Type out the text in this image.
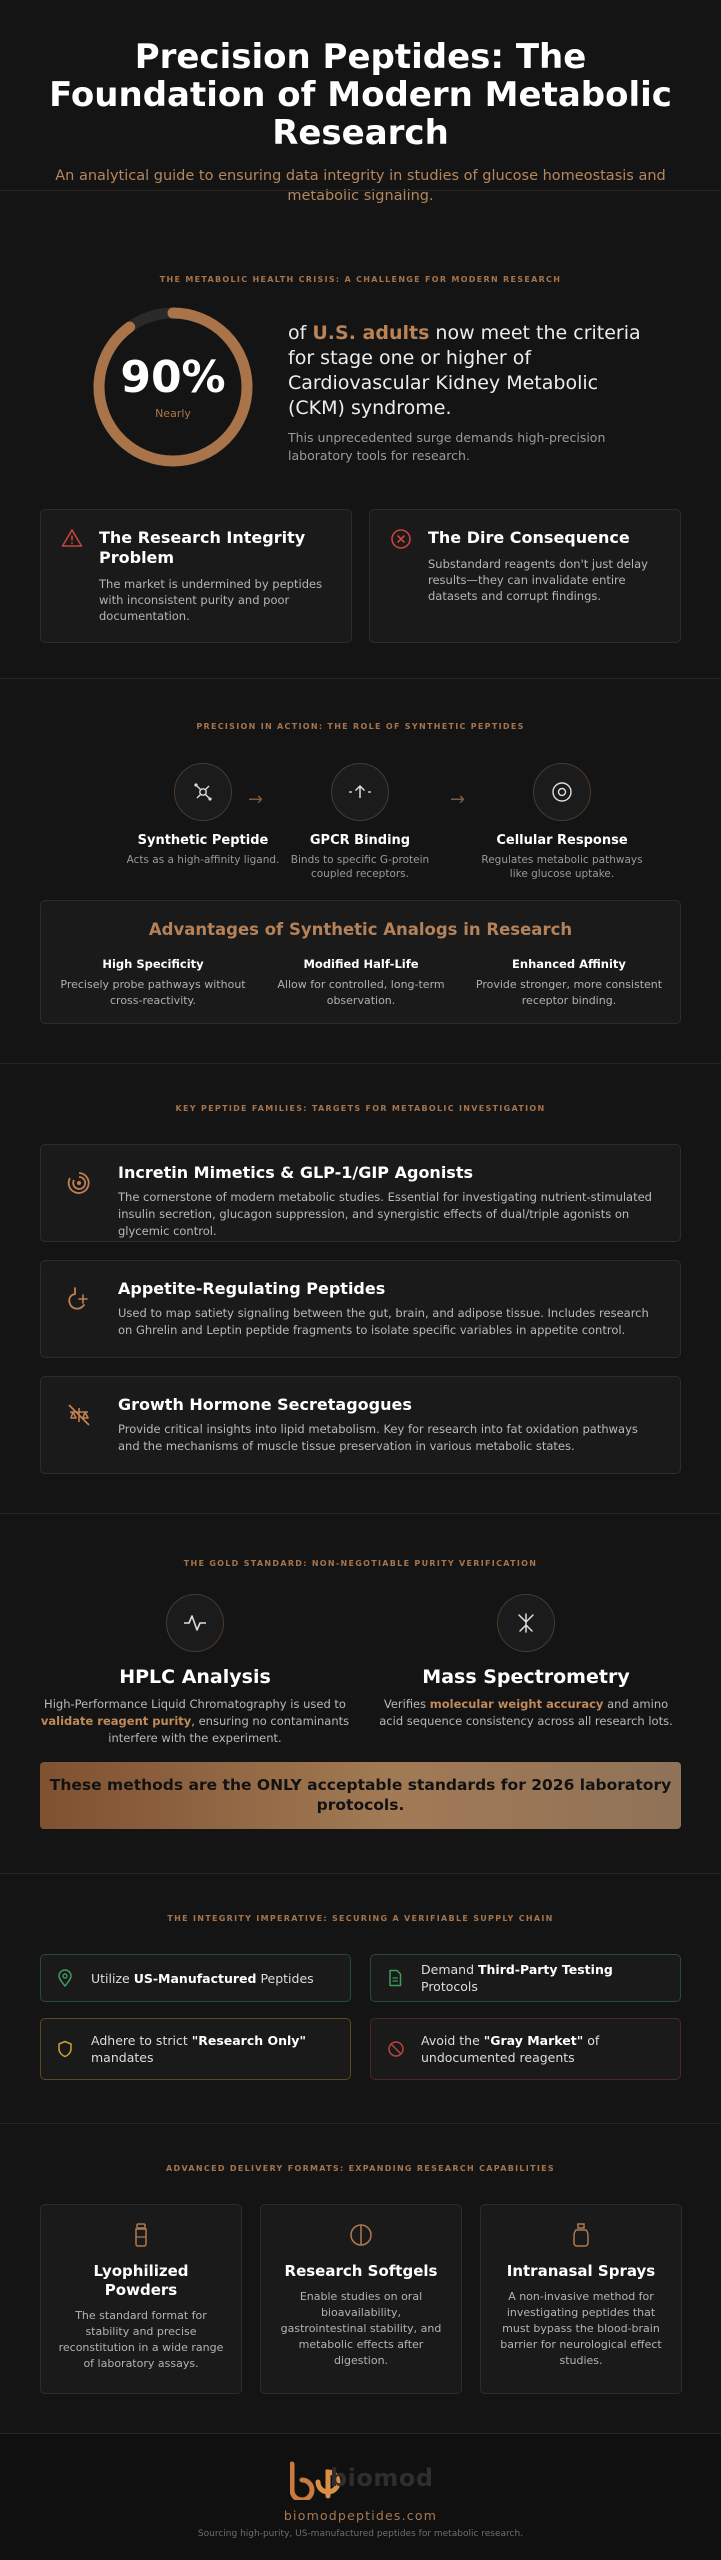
Precision Peptides: The Foundation of Modern Metabolic Research

An analytical guide to ensuring data integrity in studies of glucose homeostasis and metabolic signaling.

THE METABOLIC HEALTH CRISIS: A CHALLENGE FOR MODERN RESEARCH
90%
Nearly
of U.S. adults now meet the criteria for stage one or higher of Cardiovascular Kidney Metabolic (CKM) syndrome.
This unprecedented surge demands high-precision laboratory tools for research.
The Research Integrity Problem

The market is undermined by peptides with inconsistent purity and poor documentation.

The Dire Consequence

Substandard reagents don't just delay results—they can invalidate entire datasets and corrupt findings.

PRECISION IN ACTION: THE ROLE OF SYNTHETIC PEPTIDES
Synthetic Peptide

Acts as a high-affinity ligand.

→
GPCR Binding

Binds to specific G-protein coupled receptors.

→
Cellular Response

Regulates metabolic pathways like glucose uptake.

Advantages of Synthetic Analogs in Research
High Specificity

Precisely probe pathways without cross-reactivity.

Modified Half-Life

Allow for controlled, long-term observation.

Enhanced Affinity

Provide stronger, more consistent receptor binding.

KEY PEPTIDE FAMILIES: TARGETS FOR METABOLIC INVESTIGATION
Incretin Mimetics & GLP-1/GIP Agonists

The cornerstone of modern metabolic studies. Essential for investigating nutrient-stimulated insulin secretion, glucagon suppression, and synergistic effects of dual/triple agonists on glycemic control.

Appetite-Regulating Peptides

Used to map satiety signaling between the gut, brain, and adipose tissue. Includes research on Ghrelin and Leptin peptide fragments to isolate specific variables in appetite control.

Growth Hormone Secretagogues

Provide critical insights into lipid metabolism. Key for research into fat oxidation pathways and the mechanisms of muscle tissue preservation in various metabolic states.

THE GOLD STANDARD: NON-NEGOTIABLE PURITY VERIFICATION
HPLC Analysis

High-Performance Liquid Chromatography is used to validate reagent purity, ensuring no contaminants interfere with the experiment.

Mass Spectrometry

Verifies molecular weight accuracy and amino acid sequence consistency across all research lots.

These methods are the ONLY acceptable standards for 2026 laboratory protocols.
THE INTEGRITY IMPERATIVE: SECURING A VERIFIABLE SUPPLY CHAIN
Utilize US-Manufactured Peptides
Demand Third-Party Testing Protocols
Adhere to strict "Research Only" mandates
Avoid the "Gray Market" of undocumented reagents
ADVANCED DELIVERY FORMATS: EXPANDING RESEARCH CAPABILITIES
Lyophilized Powders

The standard format for stability and precise reconstitution in a wide range of laboratory assays.

Research Softgels

Enable studies on oral bioavailability, gastrointestinal stability, and metabolic effects after digestion.

Intranasal Sprays

A non-invasive method for investigating peptides that must bypass the blood-brain barrier for neurological effect studies.

biomod
biomodpeptides.com
Sourcing high-purity, US-manufactured peptides for metabolic research.
